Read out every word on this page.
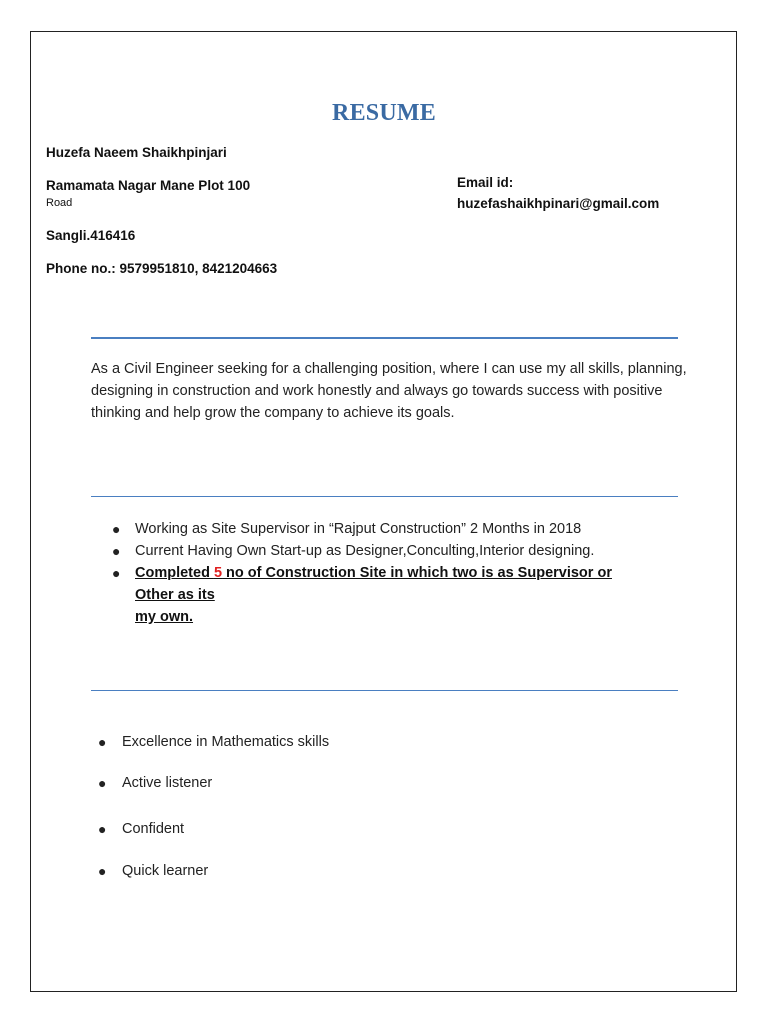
RESUME
Huzefa Naeem Shaikhpinjari
Ramamata Nagar Mane Plot 100
Road
Sangli.416416
Phone no.: 9579951810, 8421204663
Email id:
huzefashaikhpinari@gmail.com
As a Civil Engineer seeking for a challenging position, where I can use my all skills, planning, designing in construction and work honestly and always go towards success with positive thinking and help grow the company to achieve its goals.
● Working as Site Supervisor in “Rajput Construction” 2 Months in 2018
● Current Having Own Start-up as Designer,Conculting,Interior designing.
● Completed 5 no of Construction Site in which two is as Supervisor or
Other as its
my own.
● Excellence in Mathematics skills
● Active listener
● Confident
● Quick learner
